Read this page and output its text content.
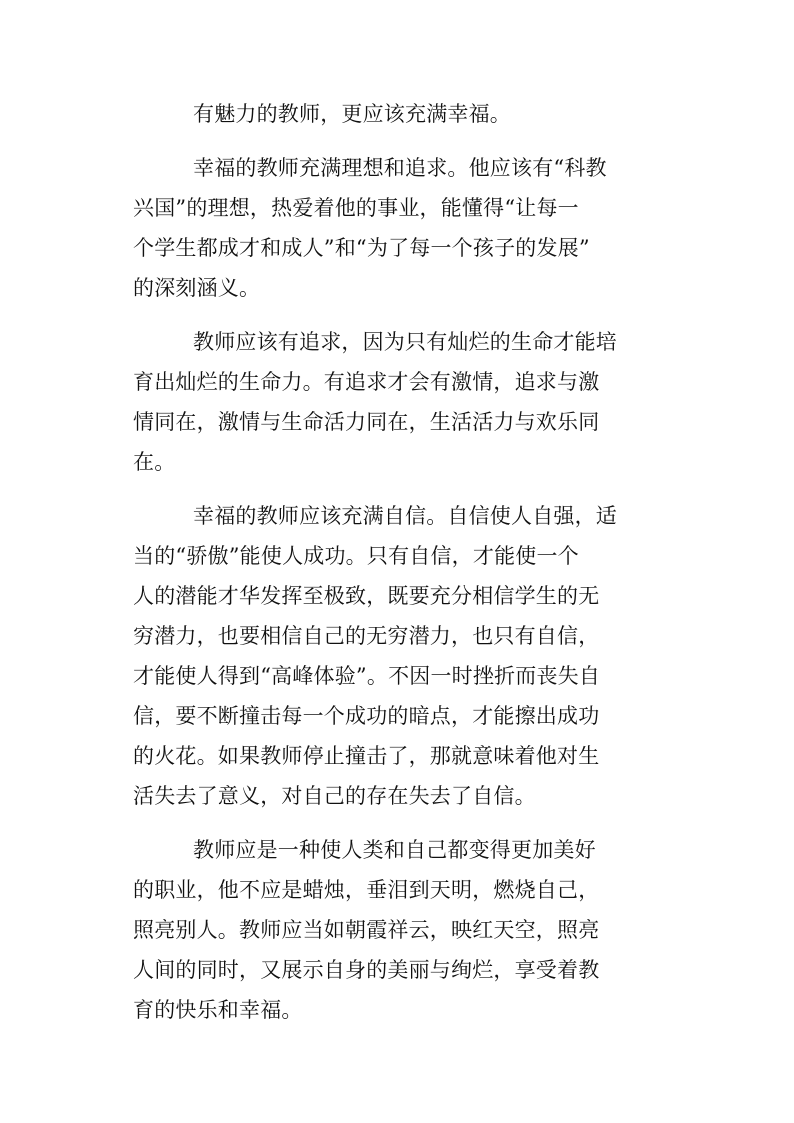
有魅力的教师，更应该充满幸福。
幸福的教师充满理想和追求。他应该有“科教
兴国”的理想，热爱着他的事业，能懂得“让每一
个学生都成才和成人”和“为了每一个孩子的发展”
的深刻涵义。
教师应该有追求，因为只有灿烂的生命才能培
育出灿烂的生命力。有追求才会有激情，追求与激
情同在，激情与生命活力同在，生活活力与欢乐同
在。
幸福的教师应该充满自信。自信使人自强，适
当的“骄傲”能使人成功。只有自信，才能使一个
人的潜能才华发挥至极致，既要充分相信学生的无
穷潜力，也要相信自己的无穷潜力，也只有自信，
才能使人得到“高峰体验”。不因一时挫折而丧失自
信，要不断撞击每一个成功的暗点，才能擦出成功
的火花。如果教师停止撞击了，那就意味着他对生
活失去了意义，对自己的存在失去了自信。
教师应是一种使人类和自己都变得更加美好
的职业，他不应是蜡烛，垂泪到天明，燃烧自己，
照亮别人。教师应当如朝霞祥云，映红天空，照亮
人间的同时，又展示自身的美丽与绚烂，享受着教
育的快乐和幸福。
